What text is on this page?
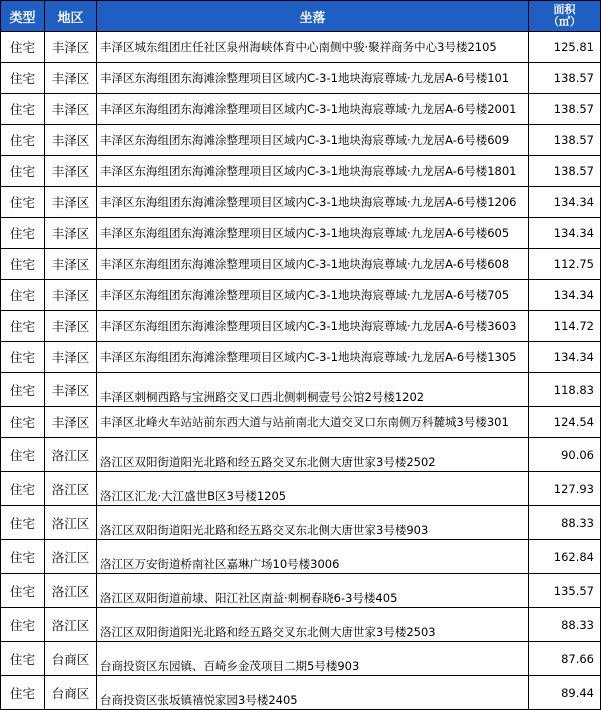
类型	地区	坐落	面积
（㎡）
住宅	丰泽区	丰泽区城东组团庄任社区泉州海峡体育中心南侧中骏·聚祥商务中心3号楼2105	125.81
住宅	丰泽区	丰泽区东海组团东海滩涂整理项目区域内C-3-1地块海宸尊域·九龙居A-6号楼101	138.57
住宅	丰泽区	丰泽区东海组团东海滩涂整理项目区域内C-3-1地块海宸尊域·九龙居A-6号楼2001	138.57
住宅	丰泽区	丰泽区东海组团东海滩涂整理项目区域内C-3-1地块海宸尊域·九龙居A-6号楼609	138.57
住宅	丰泽区	丰泽区东海组团东海滩涂整理项目区域内C-3-1地块海宸尊域·九龙居A-6号楼1801	138.57
住宅	丰泽区	丰泽区东海组团东海滩涂整理项目区域内C-3-1地块海宸尊域·九龙居A-6号楼1206	134.34
住宅	丰泽区	丰泽区东海组团东海滩涂整理项目区域内C-3-1地块海宸尊域·九龙居A-6号楼605	134.34
住宅	丰泽区	丰泽区东海组团东海滩涂整理项目区域内C-3-1地块海宸尊域·九龙居A-6号楼608	112.75
住宅	丰泽区	丰泽区东海组团东海滩涂整理项目区域内C-3-1地块海宸尊域·九龙居A-6号楼705	134.34
住宅	丰泽区	丰泽区东海组团东海滩涂整理项目区域内C-3-1地块海宸尊域·九龙居A-6号楼3603	114.72
住宅	丰泽区	丰泽区东海组团东海滩涂整理项目区域内C-3-1地块海宸尊域·九龙居A-6号楼1305	134.34
住宅	丰泽区	丰泽区刺桐西路与宝洲路交叉口西北侧刺桐壹号公馆2号楼1202	118.83
住宅	丰泽区	丰泽区北峰火车站站前东西大道与站前南北大道交叉口东南侧万科麓城3号楼301	124.54
住宅	洛江区	洛江区双阳街道阳光北路和经五路交叉东北侧大唐世家3号楼2502	90.06
住宅	洛江区	洛江区汇龙·大江盛世B区3号楼1205	127.93
住宅	洛江区	洛江区双阳街道阳光北路和经五路交叉东北侧大唐世家3号楼903	88.33
住宅	洛江区	洛江区万安街道桥南社区嘉琳广场10号楼3006	162.84
住宅	洛江区	洛江区双阳街道前埭、阳江社区南益·刺桐春晓6-3号楼405	135.57
住宅	洛江区	洛江区双阳街道阳光北路和经五路交叉东北侧大唐世家3号楼2503	88.33
住宅	台商区	台商投资区东园镇、百崎乡金茂项目二期5号楼903	87.66
住宅	台商区	台商投资区张坂镇禧悦家园3号楼2405	89.44
